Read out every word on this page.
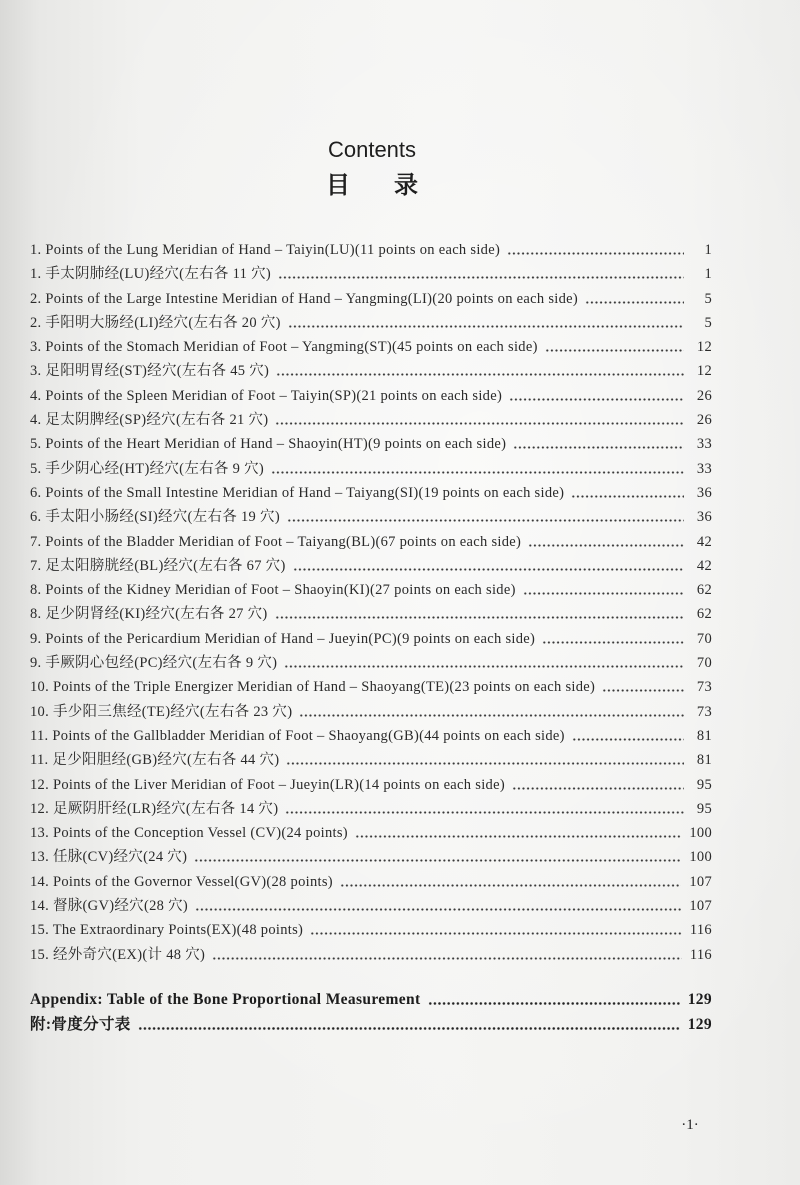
Contents
目 录
1. Points of the Lung Meridian of Hand – Taiyin(LU)(11 points on each side)	1
1. 手太阴肺经(LU)经穴(左右各 11 穴)	1
2. Points of the Large Intestine Meridian of Hand – Yangming(LI)(20 points on each side)	5
2. 手阳明大肠经(LI)经穴(左右各 20 穴)	5
3. Points of the Stomach Meridian of Foot – Yangming(ST)(45 points on each side)	12
3. 足阳明胃经(ST)经穴(左右各 45 穴)	12
4. Points of the Spleen Meridian of Foot – Taiyin(SP)(21 points on each side)	26
4. 足太阴脾经(SP)经穴(左右各 21 穴)	26
5. Points of the Heart Meridian of Hand – Shaoyin(HT)(9 points on each side)	33
5. 手少阴心经(HT)经穴(左右各 9 穴)	33
6. Points of the Small Intestine Meridian of Hand – Taiyang(SI)(19 points on each side)	36
6. 手太阳小肠经(SI)经穴(左右各 19 穴)	36
7. Points of the Bladder Meridian of Foot – Taiyang(BL)(67 points on each side)	42
7. 足太阳膀胱经(BL)经穴(左右各 67 穴)	42
8. Points of the Kidney Meridian of Foot – Shaoyin(KI)(27 points on each side)	62
8. 足少阴肾经(KI)经穴(左右各 27 穴)	62
9. Points of the Pericardium Meridian of Hand – Jueyin(PC)(9 points on each side)	70
9. 手厥阴心包经(PC)经穴(左右各 9 穴)	70
10. Points of the Triple Energizer Meridian of Hand – Shaoyang(TE)(23 points on each side)	73
10. 手少阳三焦经(TE)经穴(左右各 23 穴)	73
11. Points of the Gallbladder Meridian of Foot – Shaoyang(GB)(44 points on each side)	81
11. 足少阳胆经(GB)经穴(左右各 44 穴)	81
12. Points of the Liver Meridian of Foot – Jueyin(LR)(14 points on each side)	95
12. 足厥阴肝经(LR)经穴(左右各 14 穴)	95
13. Points of the Conception Vessel (CV)(24 points)	100
13. 任脉(CV)经穴(24 穴)	100
14. Points of the Governor Vessel(GV)(28 points)	107
14. 督脉(GV)经穴(28 穴)	107
15. The Extraordinary Points(EX)(48 points)	116
15. 经外奇穴(EX)(计 48 穴)	116
Appendix: Table of the Bone Proportional Measurement	129
附:骨度分寸表	129
·1·
